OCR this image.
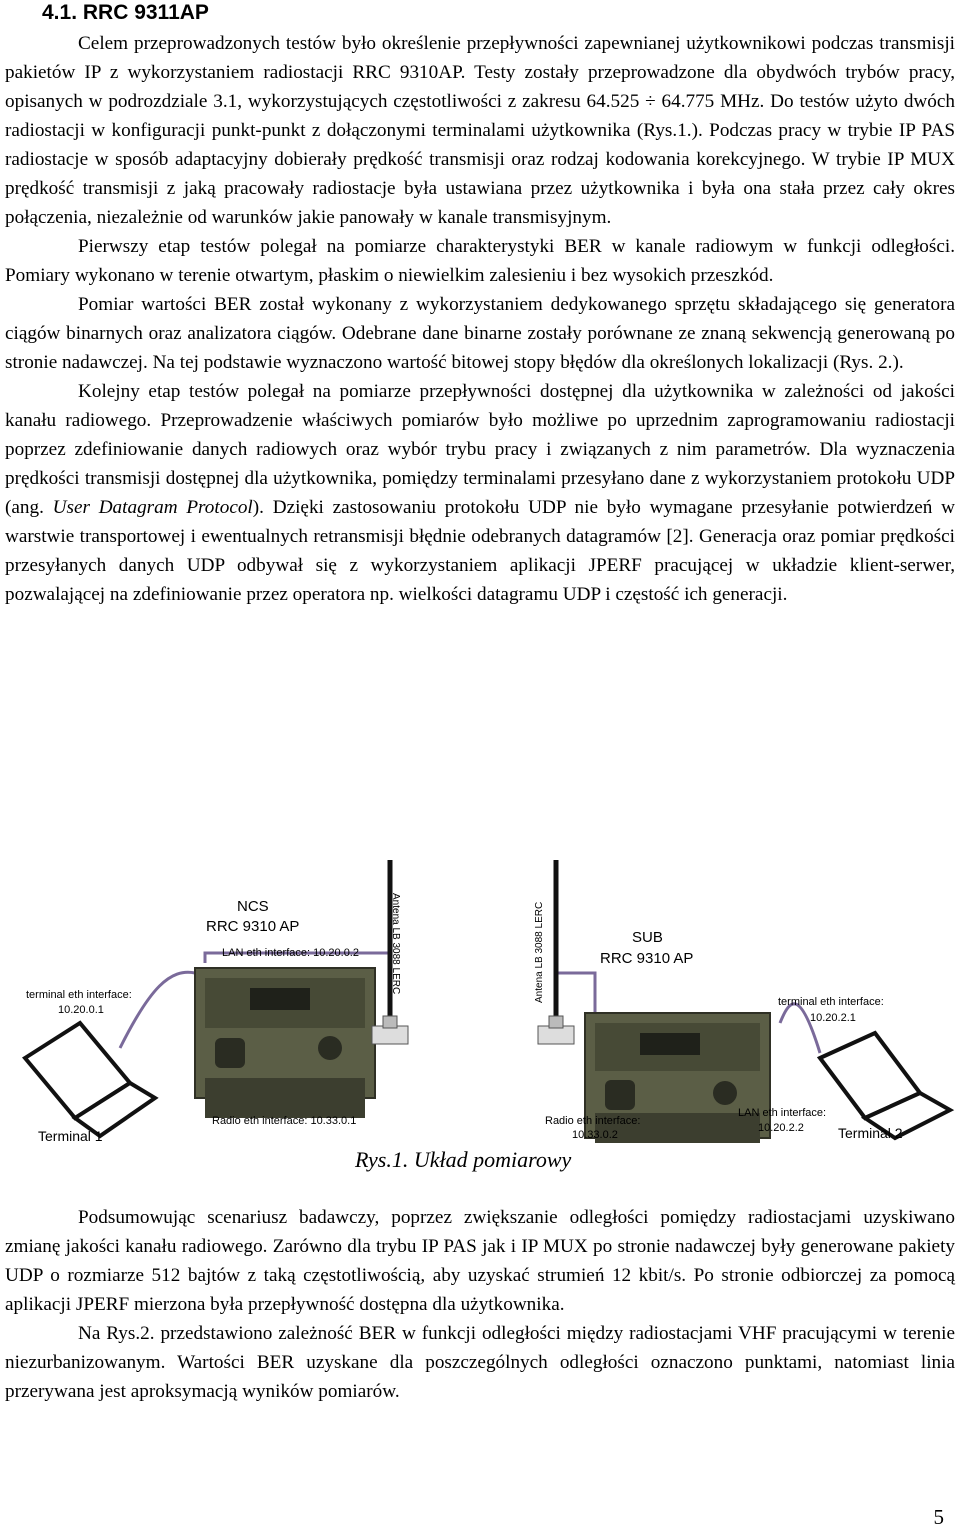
4.1. RRC 9311AP

Celem przeprowadzonych testów było określenie przepływności zapewnianej użytkownikowi podczas transmisji pakietów IP z wykorzystaniem radiostacji RRC 9310AP. Testy zostały przeprowadzone dla obydwóch trybów pracy, opisanych w podrozdziale 3.1, wykorzystujących częstotliwości z zakresu 64.525 ÷ 64.775 MHz. Do testów użyto dwóch radiostacji w konfiguracji punkt-punkt z dołączonymi terminalami użytkownika (Rys.1.). Podczas pracy w trybie IP PAS radiostacje w sposób adaptacyjny dobierały prędkość transmisji oraz rodzaj kodowania korekcyjnego. W trybie IP MUX prędkość transmisji z jaką pracowały radiostacje była ustawiana przez użytkownika i była ona stała przez cały okres połączenia, niezależnie od warunków jakie panowały w kanale transmisyjnym.

Pierwszy etap testów polegał na pomiarze charakterystyki BER w kanale radiowym w funkcji odległości. Pomiary wykonano w terenie otwartym, płaskim o niewielkim zalesieniu i bez wysokich przeszkód.

Pomiar wartości BER został wykonany z wykorzystaniem dedykowanego sprzętu składającego się generatora ciągów binarnych oraz analizatora ciągów. Odebrane dane binarne zostały porównane ze znaną sekwencją generowaną po stronie nadawczej. Na tej podstawie wyznaczono wartość bitowej stopy błędów dla określonych lokalizacji (Rys. 2.).

Kolejny etap testów polegał na pomiarze przepływności dostępnej dla użytkownika w zależności od jakości kanału radiowego. Przeprowadzenie właściwych pomiarów było możliwe po uprzednim zaprogramowaniu radiostacji poprzez zdefiniowanie danych radiowych oraz wybór trybu pracy i związanych z nim parametrów. Dla wyznaczenia prędkości transmisji dostępnej dla użytkownika, pomiędzy terminalami przesyłano dane z wykorzystaniem protokołu UDP (ang. User Datagram Protocol). Dzięki zastosowaniu protokołu UDP nie było wymagane przesyłanie potwierdzeń w warstwie transportowej i ewentualnych retransmisji błędnie odebranych datagramów [2]. Generacja oraz pomiar prędkości przesyłanych danych UDP odbywał się z wykorzystaniem aplikacji JPERF pracującej w układzie klient-serwer, pozwalającej na zdefiniowanie przez operatora np. wielkości datagramu UDP i częstość ich generacji.

NCS
RRC 9310 AP
LAN eth interface: 10.20.0.2	Antena LB 3088 LERC	Antena LB 3088 LERC	SUB
RRC 9310 AP
terminal eth interface:
10.20.0.1
terminal eth interface:
10.20.2.1
Radio eth interface: 10.33.0.1	Radio eth interface:
10.33.0.2
LAN eth interface:
10.20.2.2
Terminal 1	Terminal 2
Rys.1. Układ pomiarowy

Podsumowując scenariusz badawczy, poprzez zwiększanie odległości pomiędzy radiostacjami uzyskiwano zmianę jakości kanału radiowego. Zarówno dla trybu IP PAS jak i IP MUX po stronie nadawczej były generowane pakiety UDP o rozmiarze 512 bajtów z taką częstotliwością, aby uzyskać strumień 12 kbit/s. Po stronie odbiorczej za pomocą aplikacji JPERF mierzona była przepływność dostępna dla użytkownika.

Na Rys.2. przedstawiono zależność BER w funkcji odległości między radiostacjami VHF pracującymi w terenie niezurbanizowanym. Wartości BER uzyskane dla poszczególnych odległości oznaczono punktami, natomiast linia przerywana jest aproksymacją wyników pomiarów.

5
